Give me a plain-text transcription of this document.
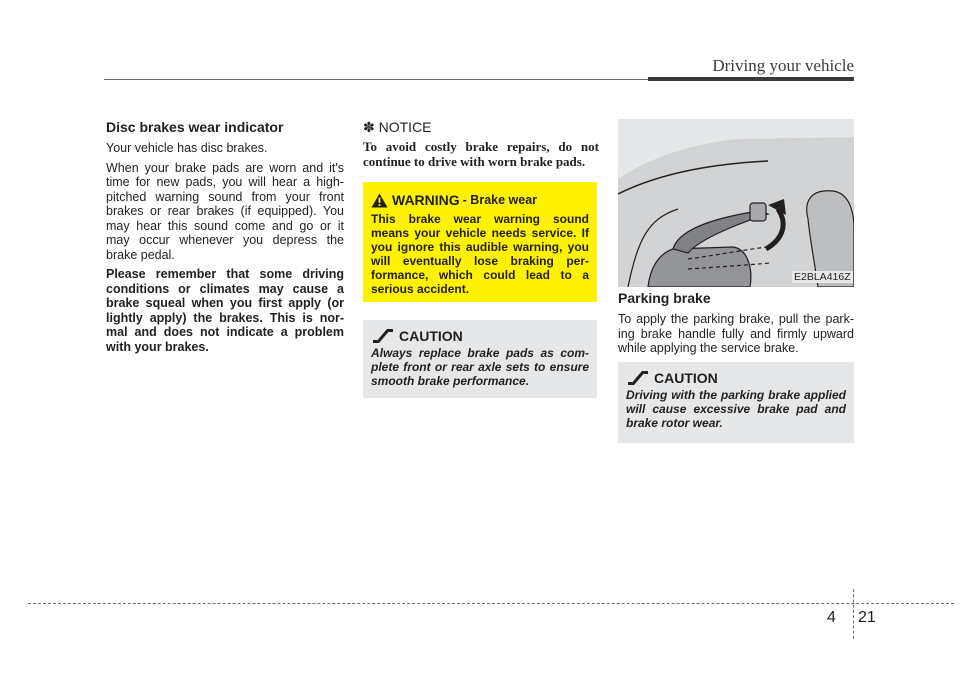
Driving your vehicle
Disc brakes wear indicator

Your vehicle has disc brakes.

When your brake pads are worn and it's time for new pads, you will hear a high-pitched warning sound from your front brakes or rear brakes (if equipped). You may hear this sound come and go or it may occur whenever you depress the brake pedal.

Please remember that some driving conditions or climates may cause a brake squeal when you first apply (or lightly apply) the brakes. This is nor-mal and does not indicate a problem with your brakes.

✽ NOTICE

To avoid costly brake repairs, do not continue to drive with worn brake pads.

WARNING - Brake wear

This brake wear warning sound means your vehicle needs service. If you ignore this audible warning, you will eventually lose braking per-formance, which could lead to a serious accident.

CAUTION

Always replace brake pads as com-plete front or rear axle sets to ensure smooth brake performance.

E2BLA416Z
Parking brake

To apply the parking brake, pull the park-ing brake handle fully and firmly upward while applying the service brake.

CAUTION

Driving with the parking brake applied will cause excessive brake pad and brake rotor wear.

4 21
